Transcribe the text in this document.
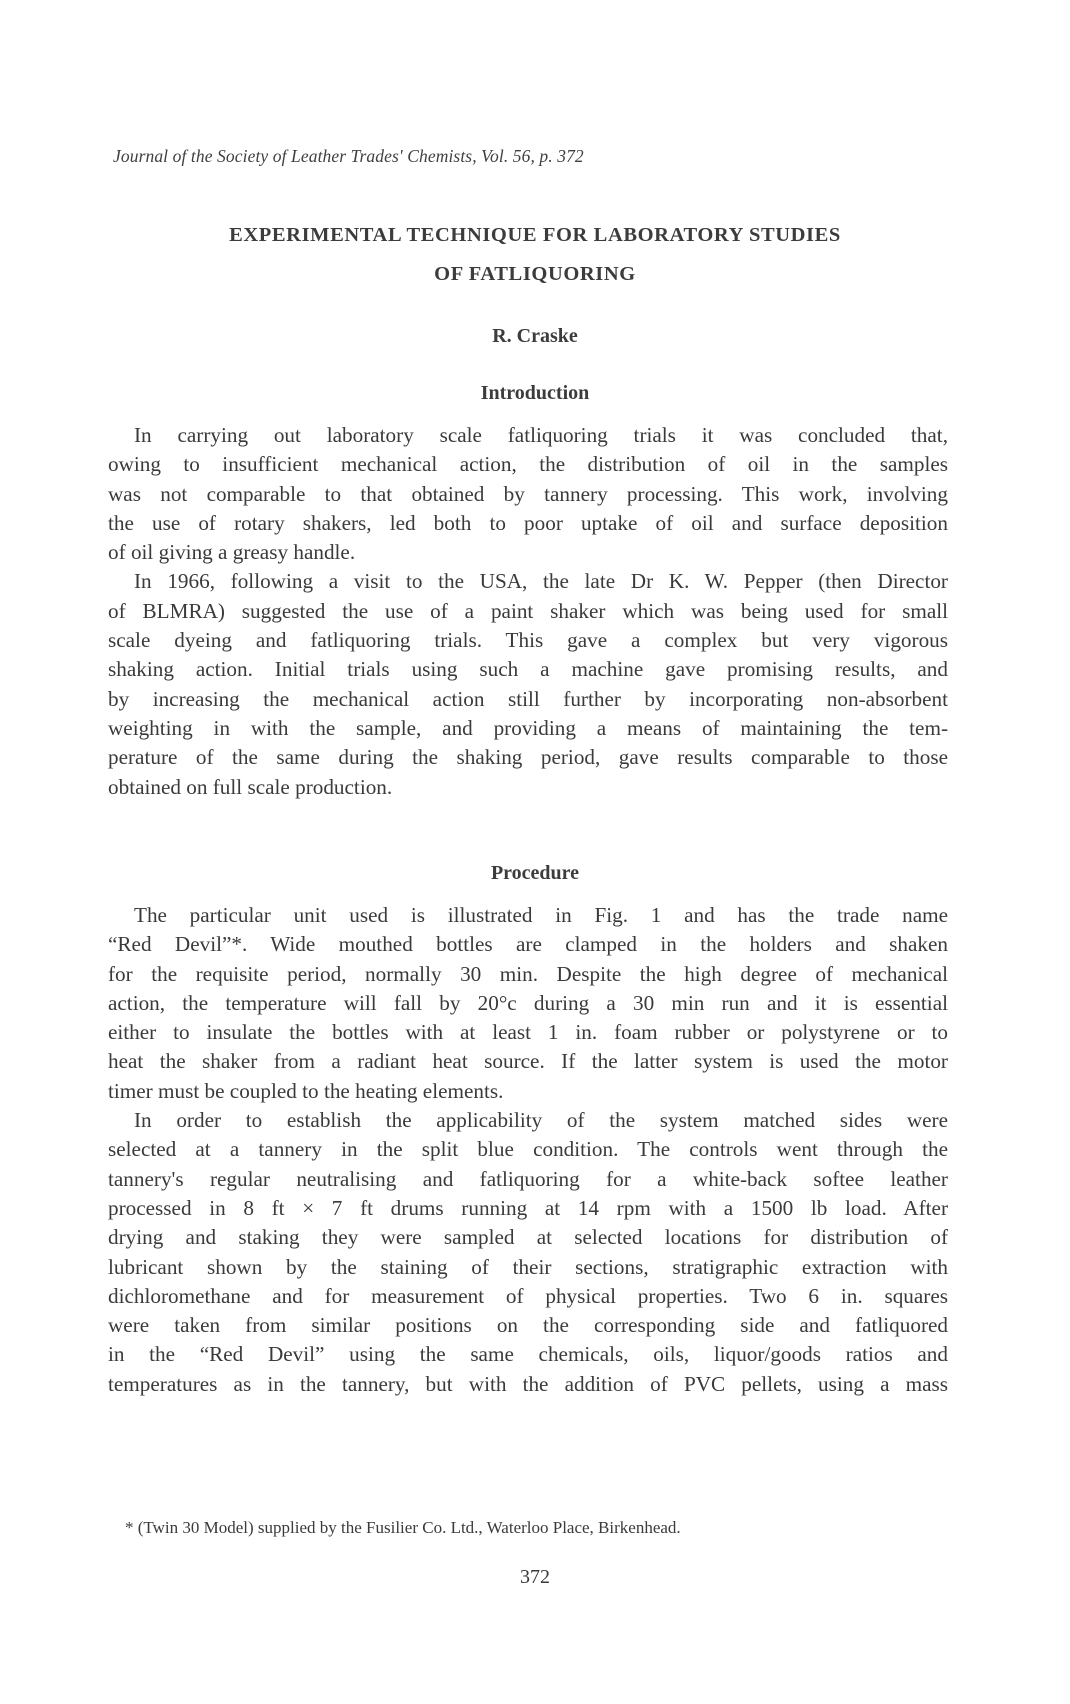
Journal of the Society of Leather Trades' Chemists, Vol. 56, p. 372
EXPERIMENTAL TECHNIQUE FOR LABORATORY STUDIES
OF FATLIQUORING
R. Craske
Introduction
In carrying out laboratory scale fatliquoring trials it was concluded that,
owing to insufficient mechanical action, the distribution of oil in the samples
was not comparable to that obtained by tannery processing. This work, involving
the use of rotary shakers, led both to poor uptake of oil and surface deposition
of oil giving a greasy handle.
In 1966, following a visit to the USA, the late Dr K. W. Pepper (then Director
of BLMRA) suggested the use of a paint shaker which was being used for small
scale dyeing and fatliquoring trials. This gave a complex but very vigorous
shaking action. Initial trials using such a machine gave promising results, and
by increasing the mechanical action still further by incorporating non-absorbent
weighting in with the sample, and providing a means of maintaining the tem-
perature of the same during the shaking period, gave results comparable to those
obtained on full scale production.
Procedure
The particular unit used is illustrated in Fig. 1 and has the trade name
“Red Devil”*. Wide mouthed bottles are clamped in the holders and shaken
for the requisite period, normally 30 min. Despite the high degree of mechanical
action, the temperature will fall by 20°c during a 30 min run and it is essential
either to insulate the bottles with at least 1 in. foam rubber or polystyrene or to
heat the shaker from a radiant heat source. If the latter system is used the motor
timer must be coupled to the heating elements.
In order to establish the applicability of the system matched sides were
selected at a tannery in the split blue condition. The controls went through the
tannery's regular neutralising and fatliquoring for a white-back softee leather
processed in 8 ft × 7 ft drums running at 14 rpm with a 1500 lb load. After
drying and staking they were sampled at selected locations for distribution of
lubricant shown by the staining of their sections, stratigraphic extraction with
dichloromethane and for measurement of physical properties. Two 6 in. squares
were taken from similar positions on the corresponding side and fatliquored
in the “Red Devil” using the same chemicals, oils, liquor/goods ratios and
temperatures as in the tannery, but with the addition of PVC pellets, using a mass
* (Twin 30 Model) supplied by the Fusilier Co. Ltd., Waterloo Place, Birkenhead.
372
